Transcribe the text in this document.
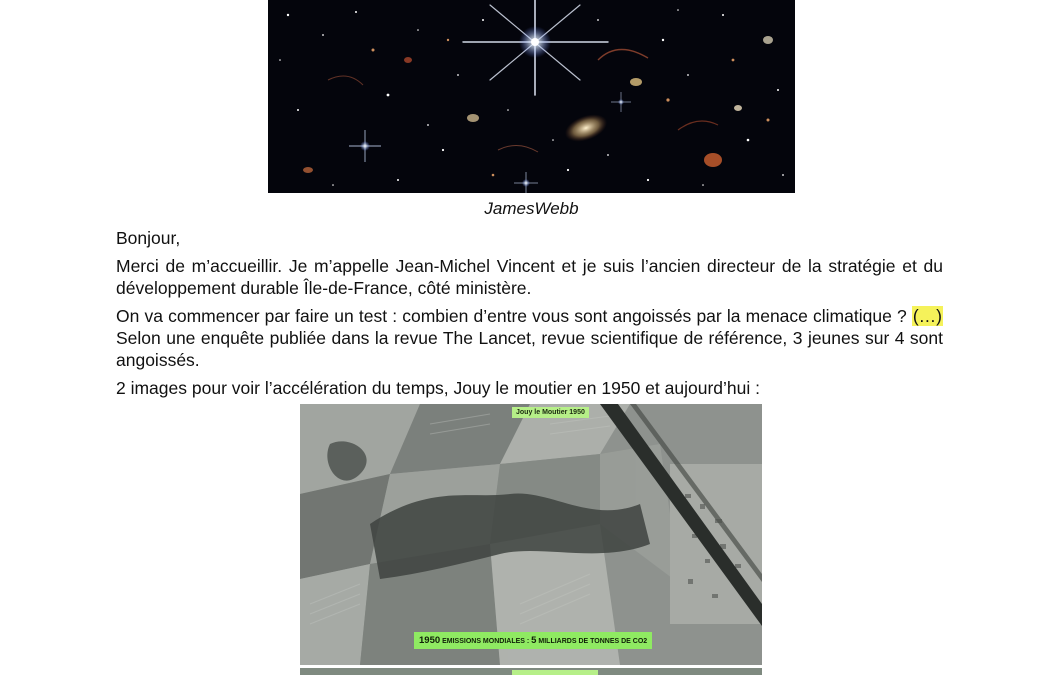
JamesWebb

Bonjour,

Merci de m’accueillir. Je m’appelle Jean-Michel Vincent et je suis l’ancien directeur de la stratégie et du développement durable Île-de-France, côté ministère.

On va commencer par faire un test : combien d’entre vous sont angoissés par la menace climatique ? (…) Selon une enquête publiée dans la revue The Lancet, revue scientifique de référence, 3 jeunes sur 4 sont angoissés.

2 images pour voir l’accélération du temps, Jouy le moutier en 1950 et aujourd’hui :

Jouy le Moutier 1950
1950 EMISSIONS MONDIALES : 5 MILLIARDS DE TONNES DE CO2
